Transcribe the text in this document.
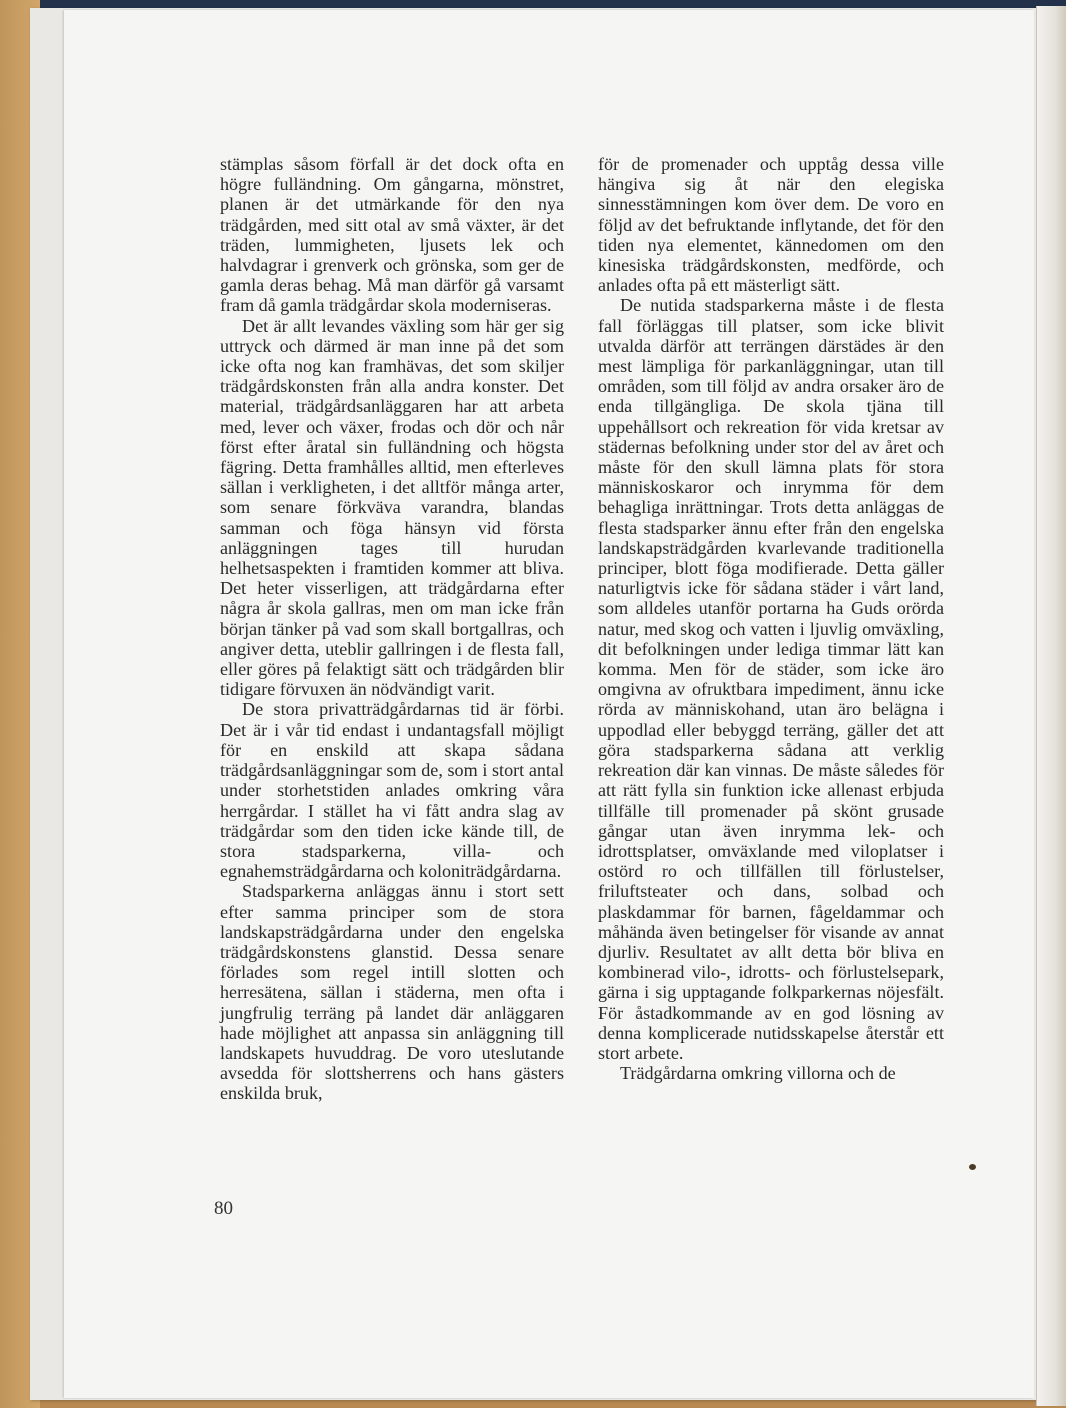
stämplas såsom förfall är det dock ofta en högre fulländning. Om gångarna, mönstret, planen är det utmärkande för den nya trädgården, med sitt otal av små växter, är det träden, lummigheten, ljusets lek och halvdagrar i grenverk och grönska, som ger de gamla deras behag. Må man därför gå varsamt fram då gamla trädgårdar skola moderniseras.

Det är allt levandes växling som här ger sig uttryck och därmed är man inne på det som icke ofta nog kan framhävas, det som skiljer trädgårdskonsten från alla andra konster. Det material, trädgårdsanläggaren har att arbeta med, lever och växer, frodas och dör och når först efter åratal sin fulländning och högsta fägring. Detta framhålles alltid, men efterleves sällan i verkligheten, i det alltför många arter, som senare förkväva varandra, blandas samman och föga hänsyn vid första anläggningen tages till hurudan helhetsaspekten i framtiden kommer att bliva. Det heter visserligen, att trädgårdarna efter några år skola gallras, men om man icke från början tänker på vad som skall bortgallras, och angiver detta, uteblir gallringen i de flesta fall, eller göres på felaktigt sätt och trädgården blir tidigare förvuxen än nödvändigt varit.

De stora privatträdgårdarnas tid är förbi. Det är i vår tid endast i undantagsfall möjligt för en enskild att skapa sådana trädgårdsanläggningar som de, som i stort antal under storhetstiden anlades omkring våra herrgårdar. I stället ha vi fått andra slag av trädgårdar som den tiden icke kände till, de stora stadsparkerna, villa- och egnahemsträdgårdarna och koloniträdgårdarna.

Stadsparkerna anläggas ännu i stort sett efter samma principer som de stora landskapsträdgårdarna under den engelska trädgårdskonstens glanstid. Dessa senare förlades som regel intill slotten och herresätena, sällan i städerna, men ofta i jungfrulig terräng på landet där anläggaren hade möjlighet att anpassa sin anläggning till landskapets huvuddrag. De voro uteslutande avsedda för slottsherrens och hans gästers enskilda bruk,

för de promenader och upptåg dessa ville hängiva sig åt när den elegiska sinnesstämningen kom över dem. De voro en följd av det befruktande inflytande, det för den tiden nya elementet, kännedomen om den kinesiska trädgårdskonsten, medförde, och anlades ofta på ett mästerligt sätt.

De nutida stadsparkerna måste i de flesta fall förläggas till platser, som icke blivit utvalda därför att terrängen därstädes är den mest lämpliga för parkanläggningar, utan till områden, som till följd av andra orsaker äro de enda tillgängliga. De skola tjäna till uppehållsort och rekreation för vida kretsar av städernas befolkning under stor del av året och måste för den skull lämna plats för stora människoskaror och inrymma för dem behagliga inrättningar. Trots detta anläggas de flesta stadsparker ännu efter från den engelska landskapsträdgården kvarlevande traditionella principer, blott föga modifierade. Detta gäller naturligtvis icke för sådana städer i vårt land, som alldeles utanför portarna ha Guds orörda natur, med skog och vatten i ljuvlig omväxling, dit befolkningen under lediga timmar lätt kan komma. Men för de städer, som icke äro omgivna av ofruktbara impediment, ännu icke rörda av människohand, utan äro belägna i uppodlad eller bebyggd terräng, gäller det att göra stadsparkerna sådana att verklig rekreation där kan vinnas. De måste således för att rätt fylla sin funktion icke allenast erbjuda tillfälle till promenader på skönt grusade gångar utan även inrymma lek- och idrottsplatser, omväxlande med viloplatser i ostörd ro och tillfällen till förlustelser, friluftsteater och dans, solbad och plaskdammar för barnen, fågeldammar och måhända även betingelser för visande av annat djurliv. Resultatet av allt detta bör bliva en kombinerad vilo-, idrotts- och förlustelsepark, gärna i sig upptagande folkparkernas nöjesfält. För åstadkommande av en god lösning av denna komplicerade nutidsskapelse återstår ett stort arbete.

Trädgårdarna omkring villorna och de

80
